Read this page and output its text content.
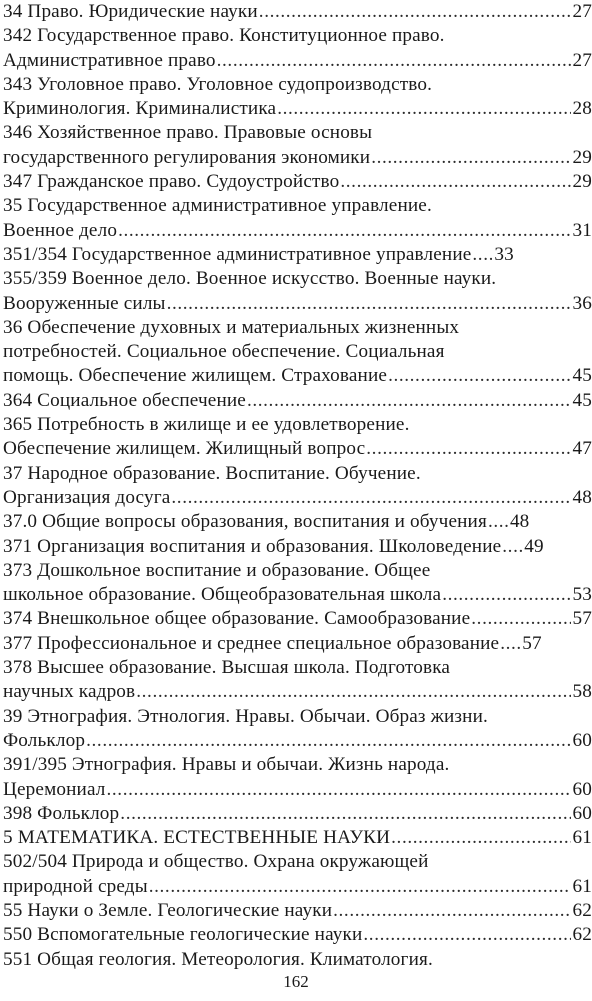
34 Право. Юридические науки .....	27
342 Государственное право. Конституционное право.
Административное право .....	27
343 Уголовное право. Уголовное судопроизводство.
Криминология. Криминалистика .....	28
346 Хозяйственное право. Правовые основы
государственного регулирования экономики .....	29
347 Гражданское право. Судоустройство .....	29
35 Государственное административное управление.
Военное дело .....	31
351/354 Государственное административное управление ..... 33
355/359 Военное дело. Военное искусство. Военные науки.
Вооруженные силы .....	36
36 Обеспечение духовных и материальных жизненных
потребностей. Социальное обеспечение. Социальная
помощь. Обеспечение жилищем. Страхование .....	45
364 Социальное обеспечение .....	45
365 Потребность в жилище и ее удовлетворение.
Обеспечение жилищем. Жилищный вопрос .....	47
37 Народное образование. Воспитание. Обучение.
Организация досуга .....	48
37.0 Общие вопросы образования, воспитания и обучения ..... 48
371 Организация воспитания и образования. Школоведение ..... 49
373 Дошкольное воспитание и образование. Общее
школьное образование. Общеобразовательная школа .....	53
374 Внешкольное общее образование. Самообразование .....	57
377 Профессиональное и среднее специальное образование ..... 57
378 Высшее образование. Высшая школа. Подготовка
научных кадров .....	58
39 Этнография. Этнология. Нравы. Обычаи. Образ жизни.
Фольклор .....	60
391/395 Этнография. Нравы и обычаи. Жизнь народа.
Церемониал .....	60
398 Фольклор .....	60
5 МАТЕМАТИКА. ЕСТЕСТВЕННЫЕ НАУКИ .....	61
502/504 Природа и общество. Охрана окружающей
природной среды .....	61
55 Науки о Земле. Геологические науки .....	62
550 Вспомогательные геологические науки .....	62
551 Общая геология. Метеорология. Климатология.
162
